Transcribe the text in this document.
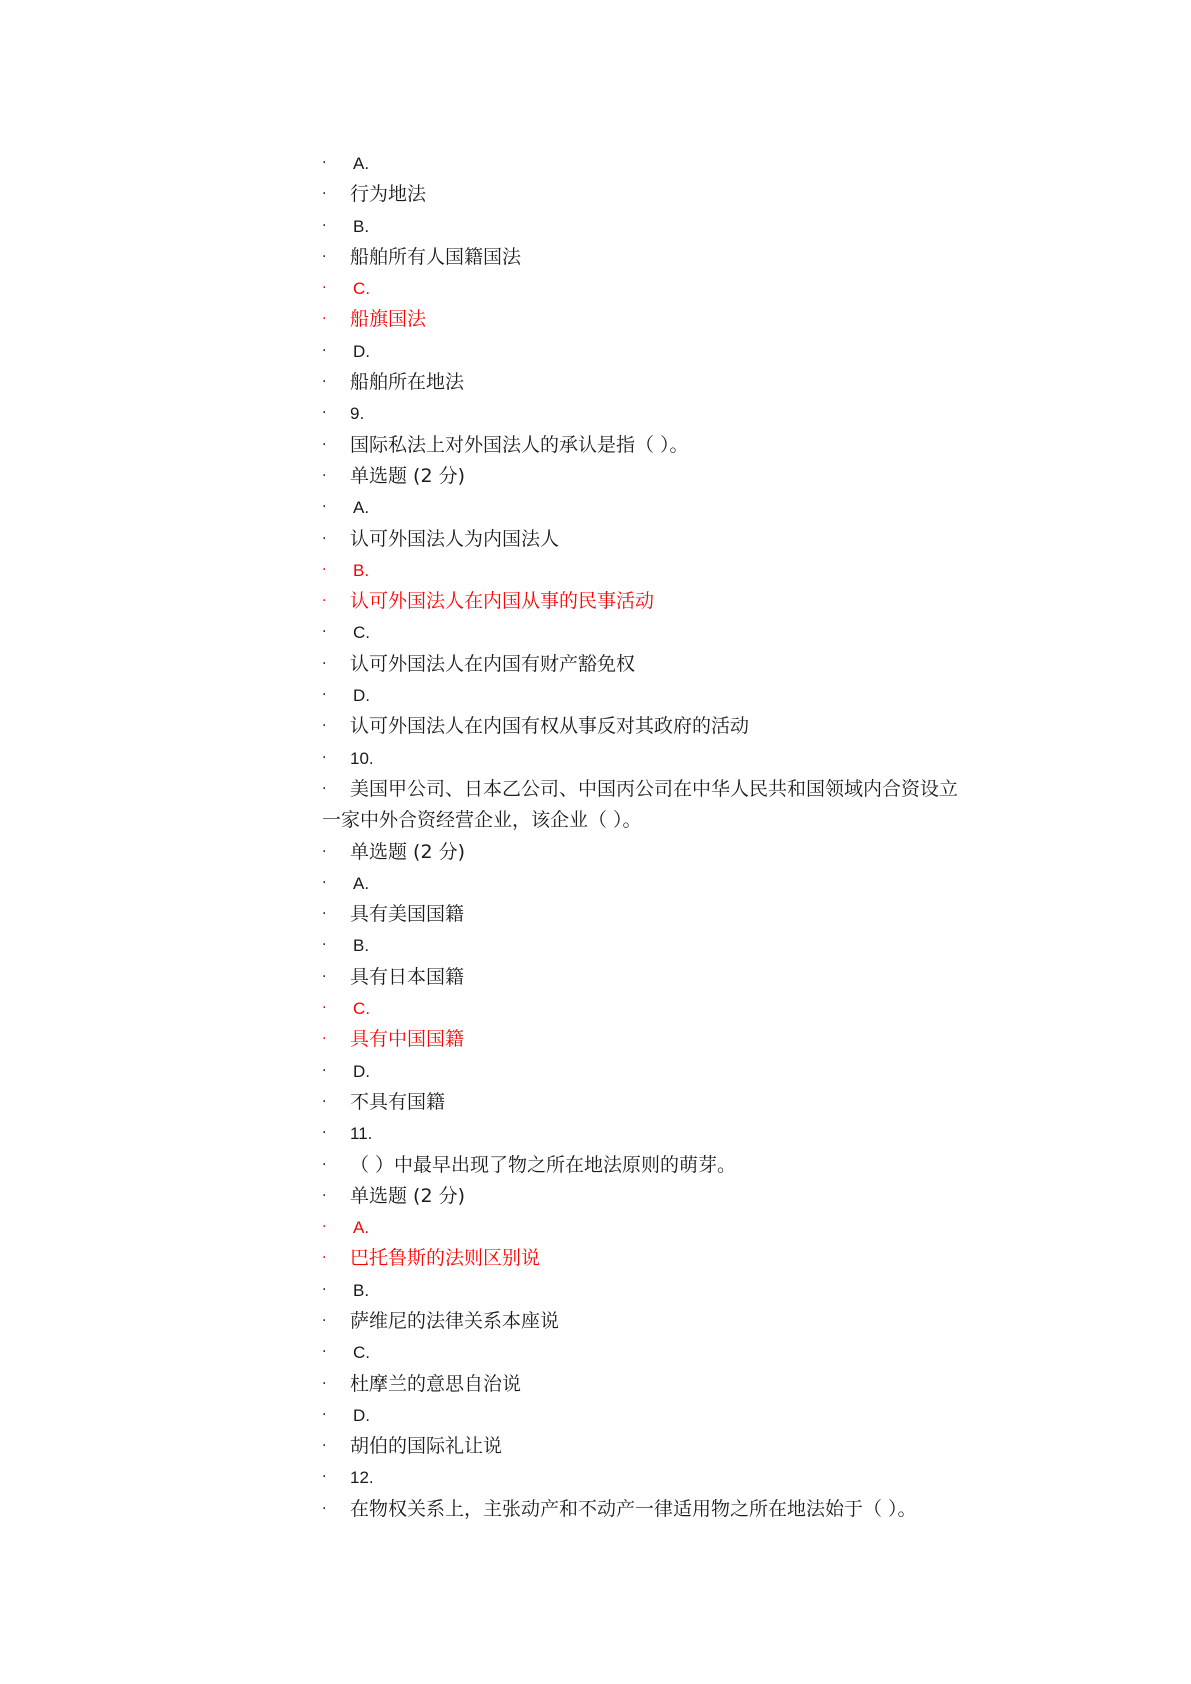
·	A.
·	行为地法
·	B.
·	船舶所有人国籍国法
·	C.
·	船旗国法
·	D.
·	船舶所在地法
·	9.
·	国际私法上对外国法人的承认是指（ ）。
·	单选题 (2 分)
·	A.
·	认可外国法人为内国法人
·	B.
·	认可外国法人在内国从事的民事活动
·	C.
·	认可外国法人在内国有财产豁免权
·	D.
·	认可外国法人在内国有权从事反对其政府的活动
·	10.
·	美国甲公司、日本乙公司、中国丙公司在中华人民共和国领域内合资设立
一家中外合资经营企业，该企业（ ）。
·	单选题 (2 分)
·	A.
·	具有美国国籍
·	B.
·	具有日本国籍
·	C.
·	具有中国国籍
·	D.
·	不具有国籍
·	11.
·	（ ）中最早出现了物之所在地法原则的萌芽。
·	单选题 (2 分)
·	A.
·	巴托鲁斯的法则区别说
·	B.
·	萨维尼的法律关系本座说
·	C.
·	杜摩兰的意思自治说
·	D.
·	胡伯的国际礼让说
·	12.
·	在物权关系上，主张动产和不动产一律适用物之所在地法始于（ ）。
